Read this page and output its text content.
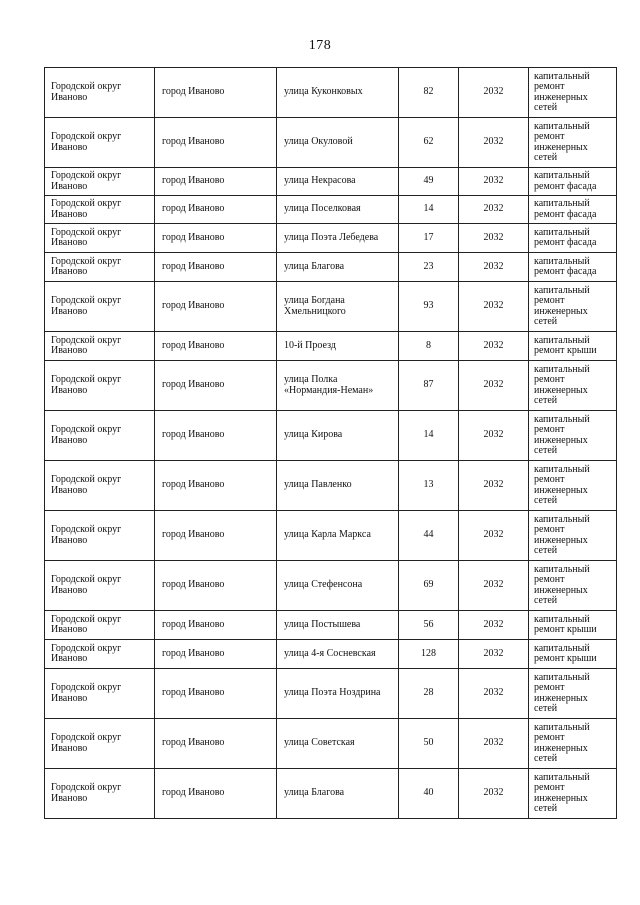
178
Городской округ Иваново	город Иваново	улица Куконковых	82	2032	капитальный ремонт инженерных сетей
Городской округ Иваново	город Иваново	улица Окуловой	62	2032	капитальный ремонт инженерных сетей
Городской округ Иваново	город Иваново	улица Некрасова	49	2032	капитальный ремонт фасада
Городской округ Иваново	город Иваново	улица Поселковая	14	2032	капитальный ремонт фасада
Городской округ Иваново	город Иваново	улица Поэта Лебедева	17	2032	капитальный ремонт фасада
Городской округ Иваново	город Иваново	улица Благова	23	2032	капитальный ремонт фасада
Городской округ Иваново	город Иваново	улица Богдана Хмельницкого	93	2032	капитальный ремонт инженерных сетей
Городской округ Иваново	город Иваново	10-й Проезд	8	2032	капитальный ремонт крыши
Городской округ Иваново	город Иваново	улица Полка «Нормандия-Неман»	87	2032	капитальный ремонт инженерных сетей
Городской округ Иваново	город Иваново	улица Кирова	14	2032	капитальный ремонт инженерных сетей
Городской округ Иваново	город Иваново	улица Павленко	13	2032	капитальный ремонт инженерных сетей
Городской округ Иваново	город Иваново	улица Карла Маркса	44	2032	капитальный ремонт инженерных сетей
Городской округ Иваново	город Иваново	улица Стефенсона	69	2032	капитальный ремонт инженерных сетей
Городской округ Иваново	город Иваново	улица Постышева	56	2032	капитальный ремонт крыши
Городской округ Иваново	город Иваново	улица 4-я Сосневская	128	2032	капитальный ремонт крыши
Городской округ Иваново	город Иваново	улица Поэта Ноздрина	28	2032	капитальный ремонт инженерных сетей
Городской округ Иваново	город Иваново	улица Советская	50	2032	капитальный ремонт инженерных сетей
Городской округ Иваново	город Иваново	улица Благова	40	2032	капитальный ремонт инженерных сетей
